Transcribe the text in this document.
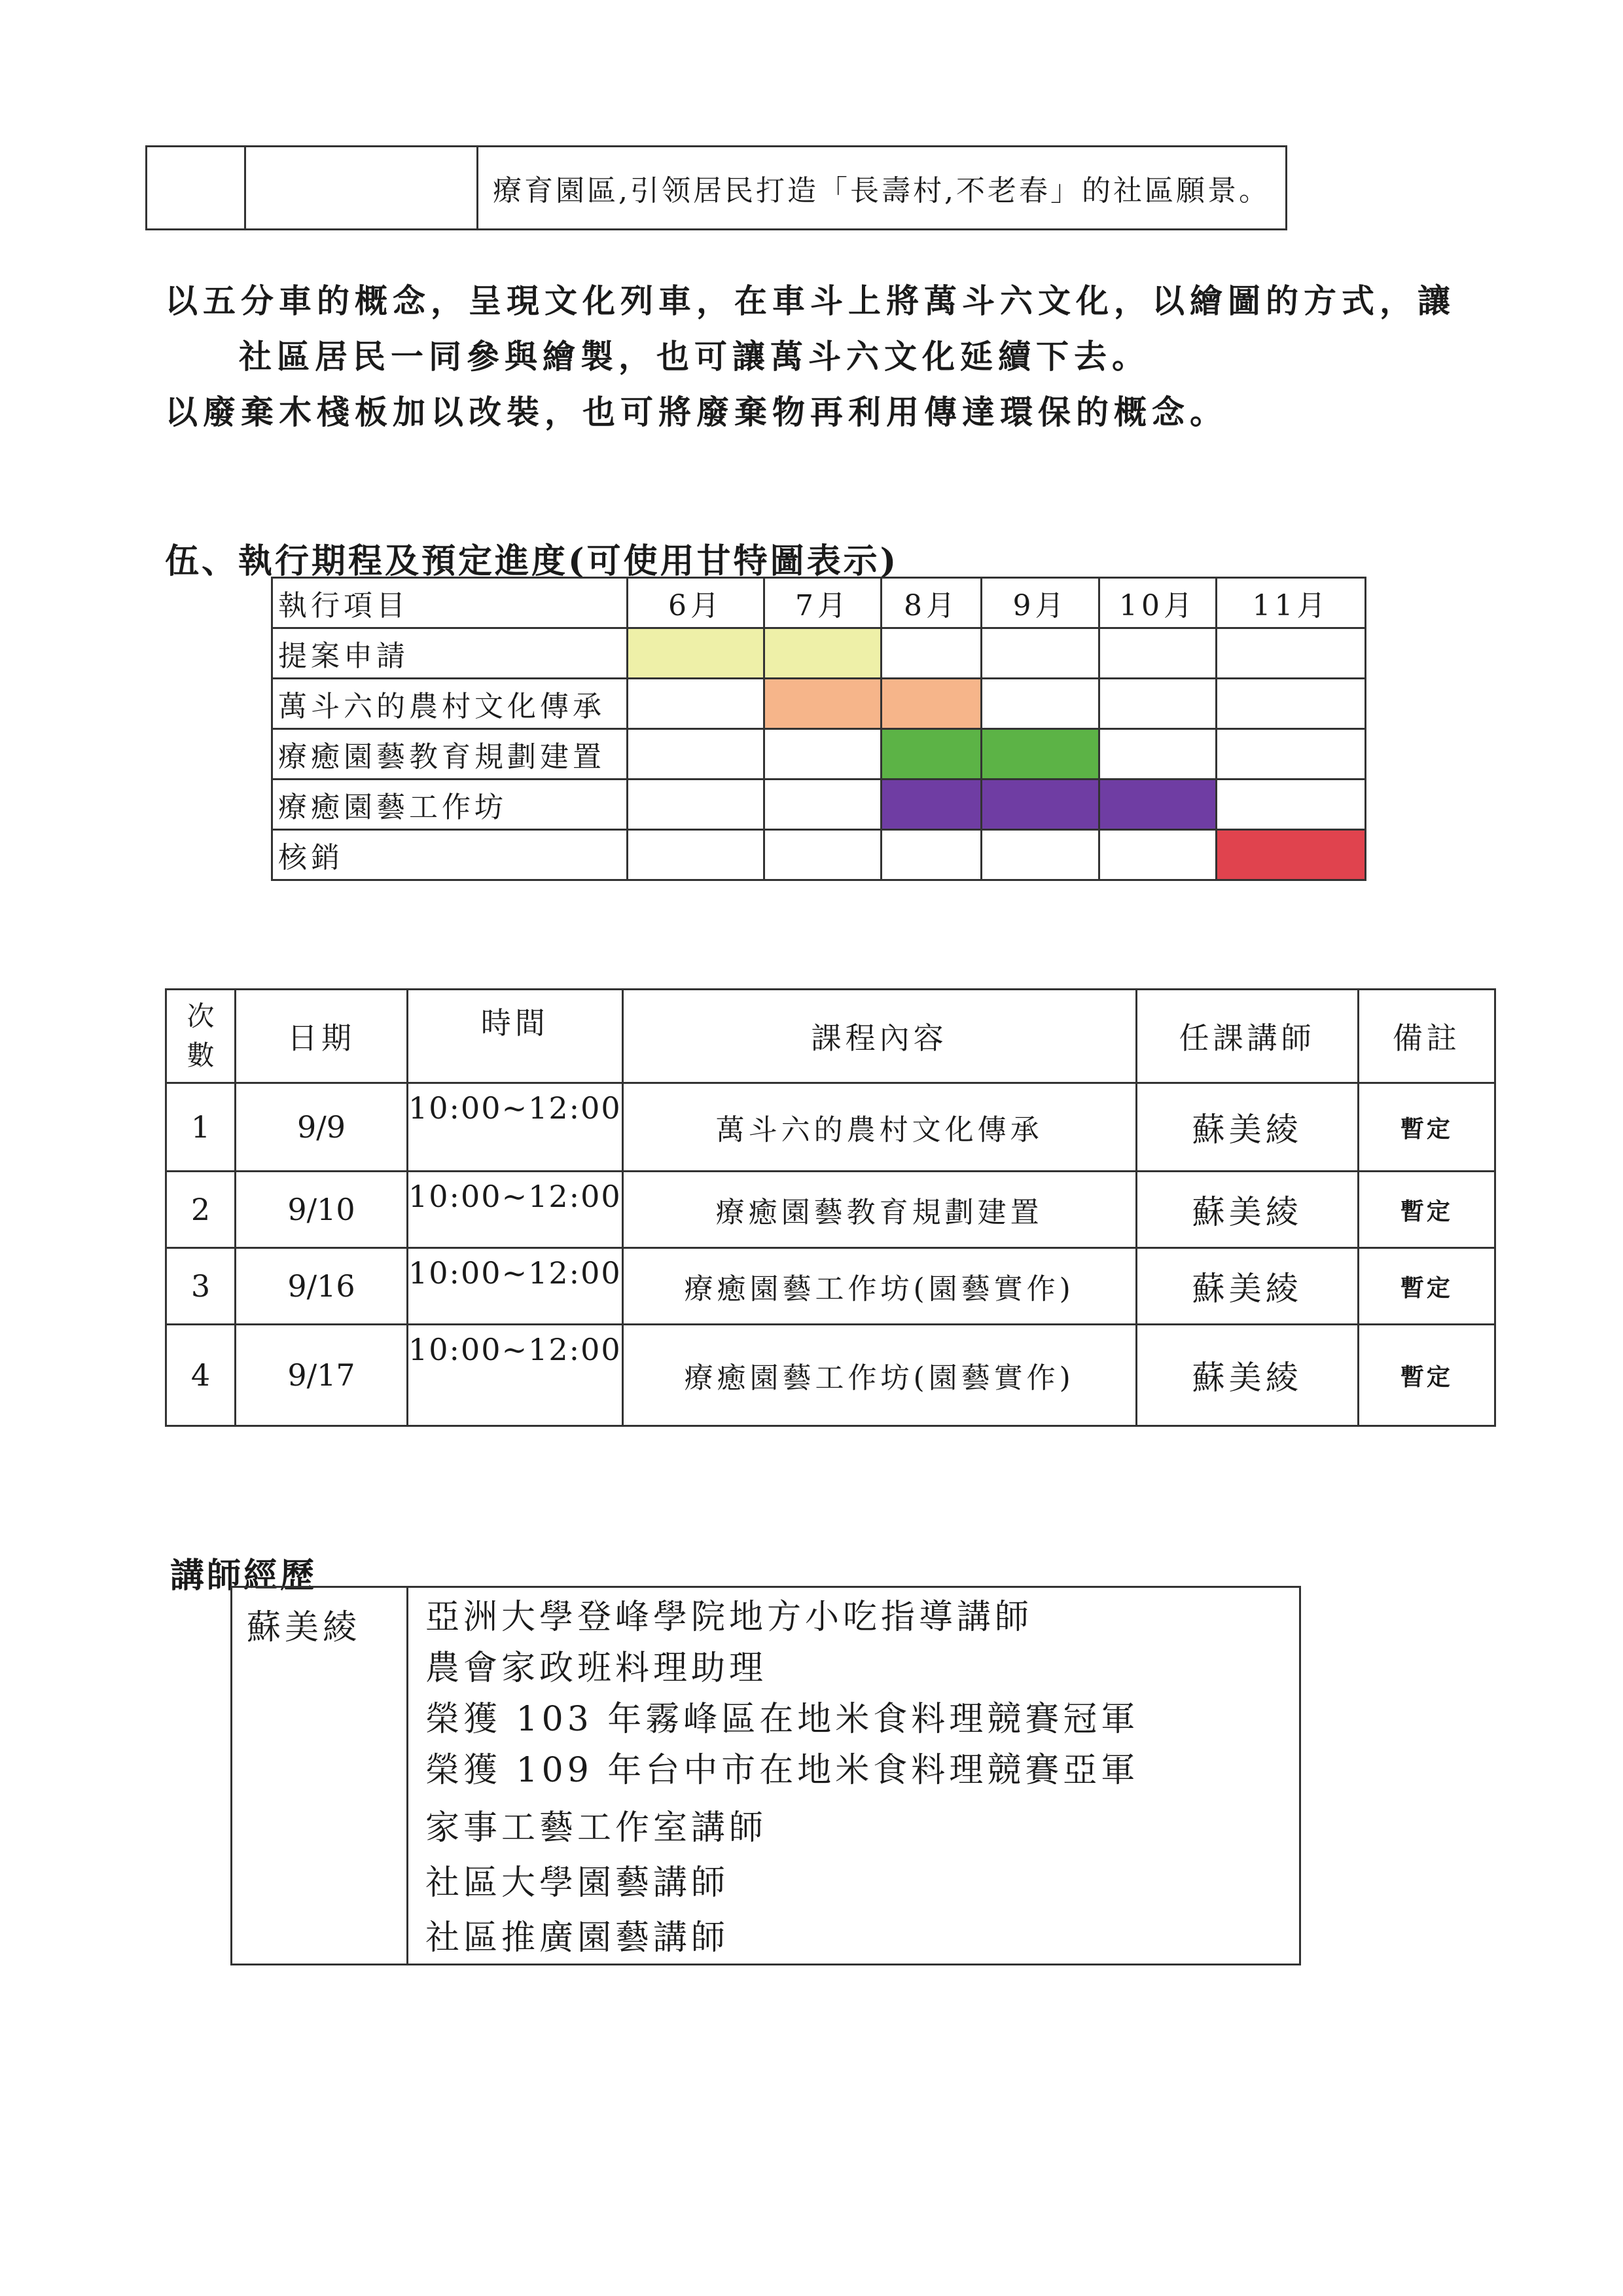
		療育園區,引领居民打造「長壽村,不老春」的社區願景。
以五分車的概念，呈現文化列車，在車斗上將萬斗六文化，以繪圖的方式，讓
社區居民一同參與繪製，也可讓萬斗六文化延續下去。
以廢棄木棧板加以改裝，也可將廢棄物再利用傳達環保的概念。
伍、執行期程及預定進度(可使用甘特圖表示)
執行項目	6月	7月	8月	9月	10月	11月
提案申請	

萬斗六的農村文化傳承		

療癒園藝教育規劃建置			

療癒園藝工作坊			

核銷						
次
數	日期	時間	課程內容	任課講師	備註
1	9/9	10:00~12:00	萬斗六的農村文化傳承	蘇美綾	暫定
2	9/10	10:00~12:00	療癒園藝教育規劃建置	蘇美綾	暫定
3	9/16	10:00~12:00	療癒園藝工作坊(園藝實作)	蘇美綾	暫定
4	9/17	10:00~12:00	療癒園藝工作坊(園藝實作)	蘇美綾	暫定
講師經歷
蘇美綾	亞洲大學登峰學院地方小吃指導講師
農會家政班料理助理
榮獲 103 年霧峰區在地米食料理競賽冠軍
榮獲 109 年台中市在地米食料理競賽亞軍
家事工藝工作室講師
社區大學園藝講師
社區推廣園藝講師
